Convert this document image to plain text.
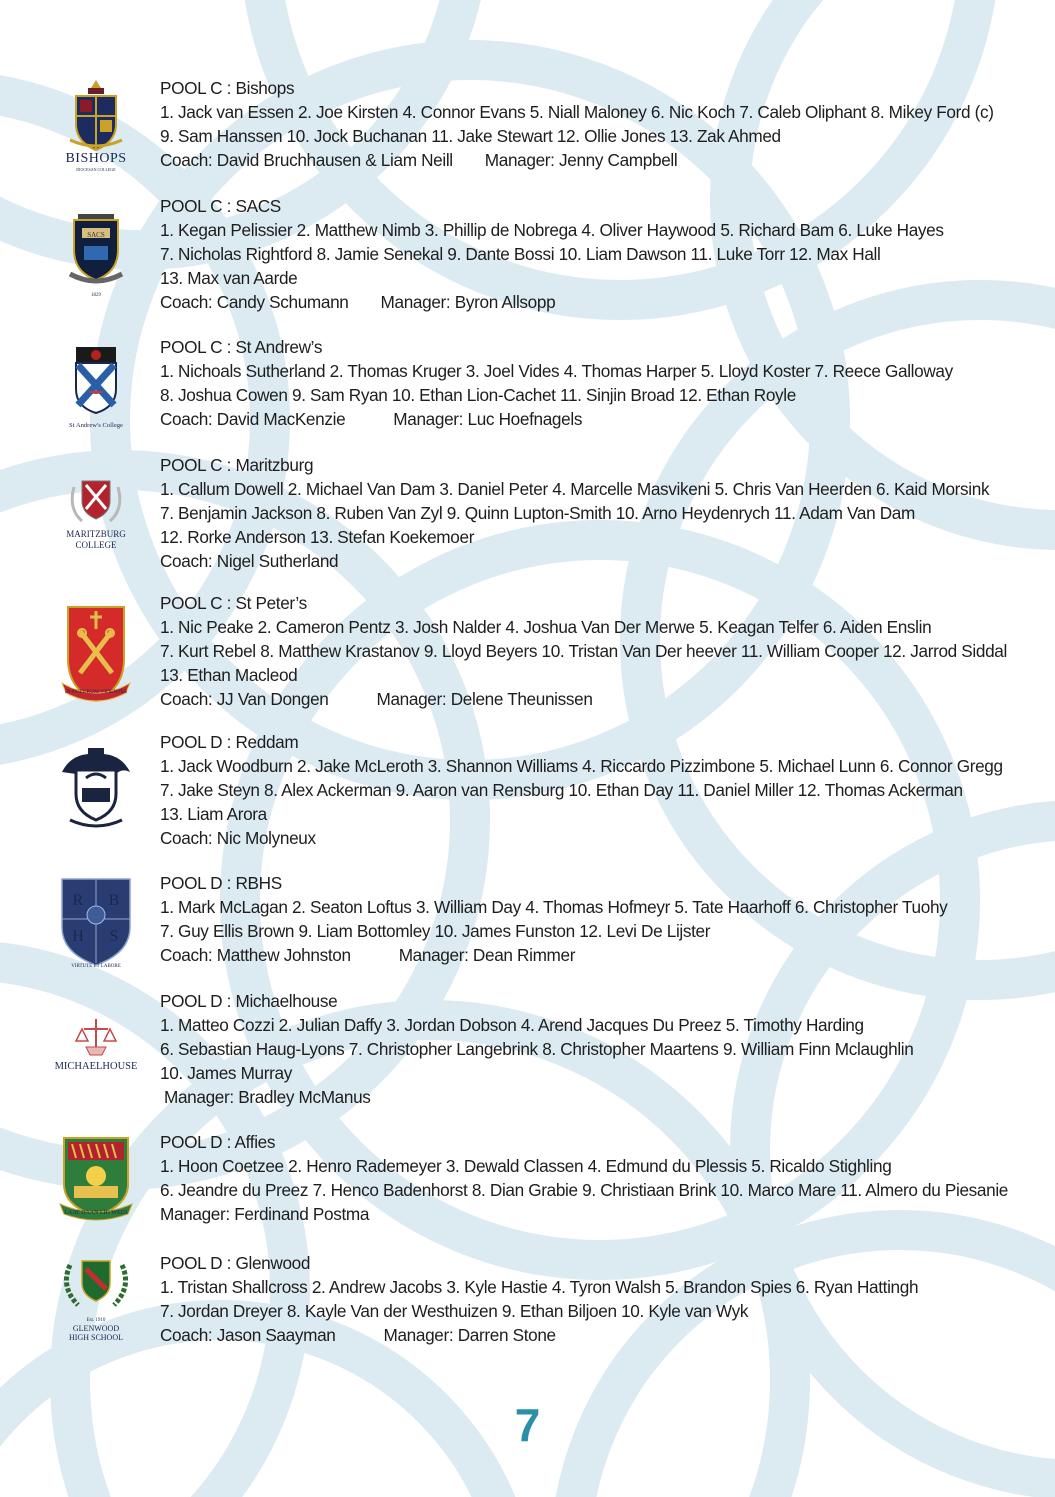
BISHOPS
DIOCESAN COLLEGE
POOL C : Bishops
1. Jack van Essen 2. Joe Kirsten 4. Connor Evans 5. Niall Maloney 6. Nic Koch 7. Caleb Oliphant 8. Mikey Ford (c)
9. Sam Hanssen 10. Jock Buchanan 11. Jake Stewart 12. Ollie Jones 13. Zak Ahmed
Coach: David Bruchhausen & Liam Neill Manager: Jenny Campbell
SACS
1829
POOL C : SACS
1. Kegan Pelissier 2. Matthew Nimb 3. Phillip de Nobrega 4. Oliver Haywood 5. Richard Bam 6. Luke Hayes
7. Nicholas Rightford 8. Jamie Senekal 9. Dante Bossi 10. Liam Dawson 11. Luke Torr 12. Max Hall
13. Max van Aarde
Coach: Candy Schumann Manager: Byron Allsopp
St Andrew's College
POOL C : St Andrew’s
1. Nichoals Sutherland 2. Thomas Kruger 3. Joel Vides 4. Thomas Harper 5. Lloyd Koster 7. Reece Galloway
8. Joshua Cowen 9. Sam Ryan 10. Ethan Lion-Cachet 11. Sinjin Broad 12. Ethan Royle
Coach: David MacKenzie	Manager: Luc Hoefnagels
MARITZBURG
COLLEGE
POOL C : Maritzburg
1. Callum Dowell 2. Michael Van Dam 3. Daniel Peter 4. Marcelle Masvikeni 5. Chris Van Heerden 6. Kaid Morsink
7. Benjamin Jackson 8. Ruben Van Zyl 9. Quinn Lupton-Smith 10. Arno Heydenrych 11. Adam Van Dam
12. Rorke Anderson 13. Stefan Koekemoer
Coach: Nigel Sutherland
IN FUTURUM VIDENTES
POOL C : St Peter’s
1. Nic Peake 2. Cameron Pentz 3. Josh Nalder 4. Joshua Van Der Merwe 5. Keagan Telfer 6. Aiden Enslin
7. Kurt Rebel 8. Matthew Krastanov 9. Lloyd Beyers 10. Tristan Van Der heever 11. William Cooper 12. Jarrod Siddal
13. Ethan Macleod
Coach: JJ Van Dongen	Manager: Delene Theunissen
POOL D : Reddam
1. Jack Woodburn 2. Jake McLeroth 3. Shannon Williams 4. Riccardo Pizzimbone 5. Michael Lunn 6. Connor Gregg
7. Jake Steyn 8. Alex Ackerman 9. Aaron van Rensburg 10. Ethan Day 11. Daniel Miller 12. Thomas Ackerman
13. Liam Arora
Coach: Nic Molyneux
R B
H S
VIRTUTE ET LABORE
POOL D : RBHS
1. Mark McLagan 2. Seaton Loftus 3. William Day 4. Thomas Hofmeyr 5. Tate Haarhoff 6. Christopher Tuohy
7. Guy Ellis Brown 9. Liam Bottomley 10. James Funston 12. Levi De Lijster
Coach: Matthew Johnston	Manager: Dean Rimmer
MICHAELHOUSE
POOL D : Michaelhouse
1. Matteo Cozzi 2. Julian Daffy 3. Jordan Dobson 4. Arend Jacques Du Preez 5. Timothy Harding
6. Sebastian Haug-Lyons 7. Christopher Langebrink 8. Christopher Maartens 9. William Finn Mclaughlin
10. James Murray
Manager: Bradley McManus
LAAT DAAN LIG WEES
POOL D : Affies
1. Hoon Coetzee 2. Henro Rademeyer 3. Dewald Classen 4. Edmund du Plessis 5. Ricaldo Stighling
6. Jeandre du Preez 7. Henco Badenhorst 8. Dian Grabie 9. Christiaan Brink 10. Marco Mare 11. Almero du Piesanie
Manager: Ferdinand Postma
Est. 1910
GLENWOOD
HIGH SCHOOL
POOL D : Glenwood
1. Tristan Shallcross 2. Andrew Jacobs 3. Kyle Hastie 4. Tyron Walsh 5. Brandon Spies 6. Ryan Hattingh
7. Jordan Dreyer 8. Kayle Van der Westhuizen 9. Ethan Biljoen 10. Kyle van Wyk
Coach: Jason Saayman	Manager: Darren Stone
7
